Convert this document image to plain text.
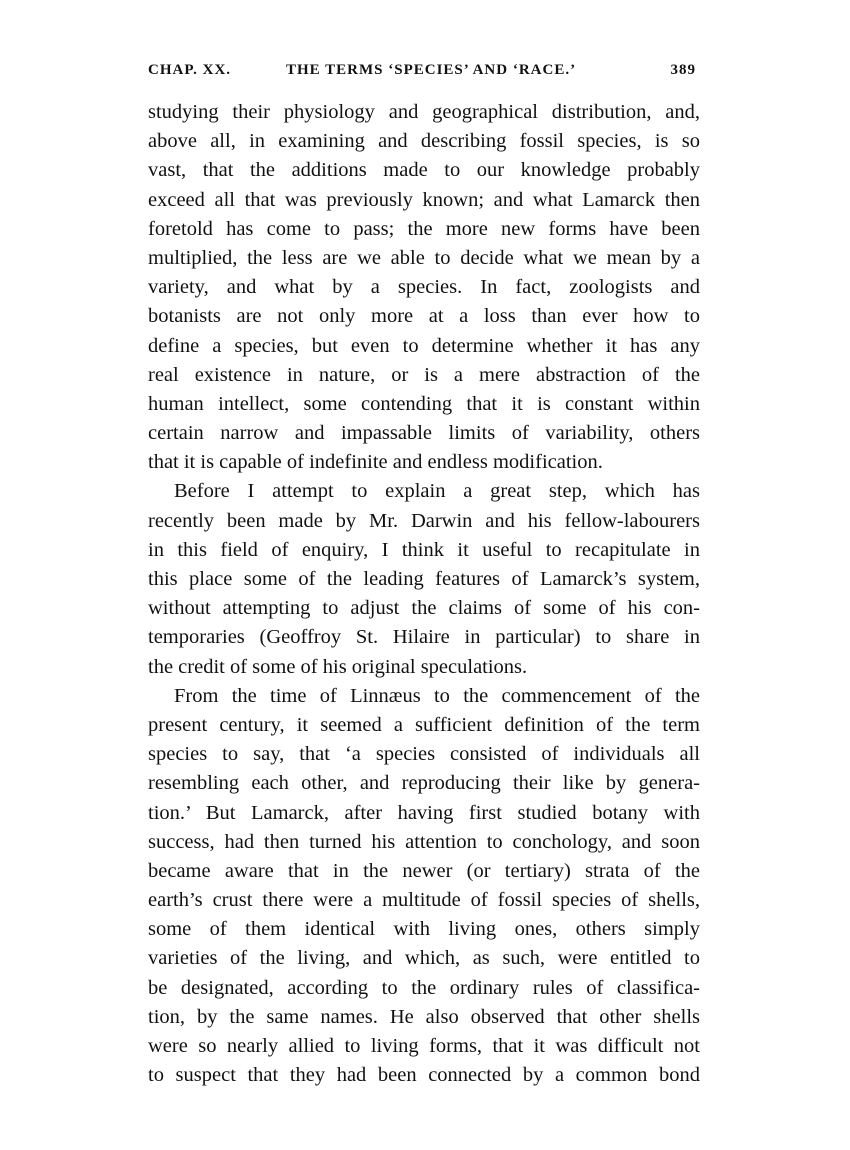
CHAP. XX.	THE TERMS ‘SPECIES’ AND ‘RACE.’	389
studying their physiology and geographical distribution, and,
above all, in examining and describing fossil species, is so
vast, that the additions made to our knowledge probably
exceed all that was previously known; and what Lamarck then
foretold has come to pass; the more new forms have been
multiplied, the less are we able to decide what we mean by a
variety, and what by a species. In fact, zoologists and
botanists are not only more at a loss than ever how to
define a species, but even to determine whether it has any
real existence in nature, or is a mere abstraction of the
human intellect, some contending that it is constant within
certain narrow and impassable limits of variability, others
that it is capable of indefinite and endless modification.
Before I attempt to explain a great step, which has
recently been made by Mr. Darwin and his fellow-labourers
in this field of enquiry, I think it useful to recapitulate in
this place some of the leading features of Lamarck’s system,
without attempting to adjust the claims of some of his con-
temporaries (Geoffroy St. Hilaire in particular) to share in
the credit of some of his original speculations.
From the time of Linnæus to the commencement of the
present century, it seemed a sufficient definition of the term
species to say, that ‘a species consisted of individuals all
resembling each other, and reproducing their like by genera-
tion.’ But Lamarck, after having first studied botany with
success, had then turned his attention to conchology, and soon
became aware that in the newer (or tertiary) strata of the
earth’s crust there were a multitude of fossil species of shells,
some of them identical with living ones, others simply
varieties of the living, and which, as such, were entitled to
be designated, according to the ordinary rules of classifica-
tion, by the same names. He also observed that other shells
were so nearly allied to living forms, that it was difficult not
to suspect that they had been connected by a common bond
